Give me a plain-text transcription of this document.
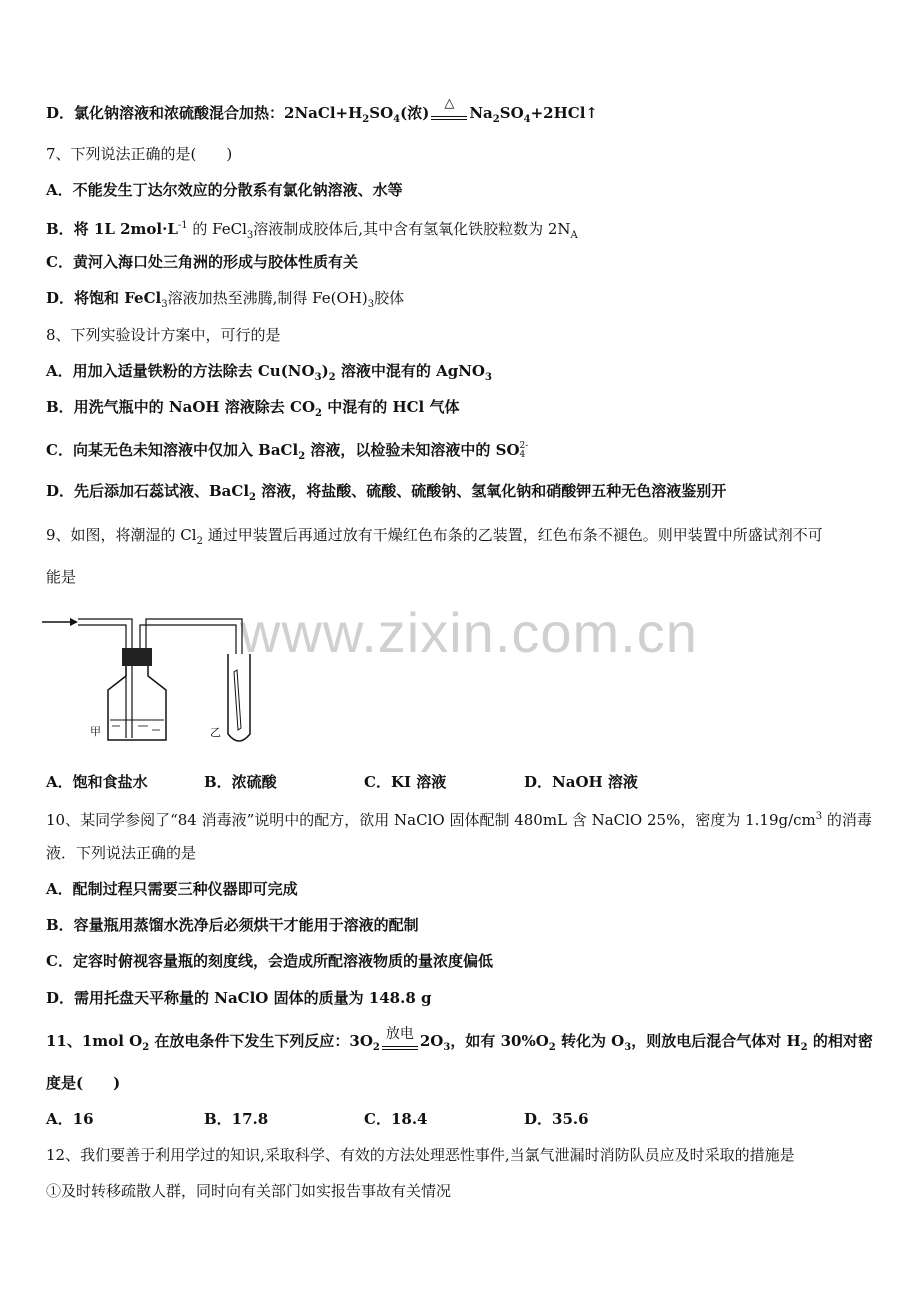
D．氯化钠溶液和浓硫酸混合加热：$2NaCl+H_2SO_4$(浓)
△
$Na_2SO_4+2HCl↑$
7、下列说法正确的是(　　)
A．不能发生丁达尔效应的分散系有氯化钠溶液、水等
B．将 1L $2mol\cdot L^{-1}$ 的 FeCl$_3$溶液制成胶体后,其中含有氢氧化铁胶粒数为 $2N_A$
C．黄河入海口处三角洲的形成与胶体性质有关
D．将饱和 FeCl$_3$溶液加热至沸腾,制得 $Fe(OH)_3$胶体
8、下列实验设计方案中，可行的是
A．用加入适量铁粉的方法除去 $Cu(NO_3)_2$ 溶液中混有的 AgNO$_3$
B．用洗气瓶中的 NaOH 溶液除去 $CO_2$ 中混有的 HCl 气体
C．向某无色未知溶液中仅加入 BaCl$_2$ 溶液，以检验未知溶液中的 SO 2-
4
D．先后添加石蕊试液、BaCl$_2$ 溶液，将盐酸、硫酸、硫酸钠、氢氧化钠和硝酸钾五种无色溶液鉴别开
9、如图，将潮湿的 $Cl_2$ 通过甲装置后再通过放有干燥红色布条的乙装置，红色布条不褪色。则甲装置中所盛试剂不可
能是
www.zixin.com.cn
甲	乙
A．饱和食盐水	B．浓硫酸	C．KI 溶液	D．NaOH 溶液
10、某同学参阅了“84 消毒液”说明中的配方，欲用 NaClO 固体配制 480mL 含 NaClO 25%，密度为 $1.19g/cm^3$ 的消毒
液．下列说法正确的是
A．配制过程只需要三种仪器即可完成
B．容量瓶用蒸馏水洗净后必须烘干才能用于溶液的配制
C．定容时俯视容量瓶的刻度线，会造成所配溶液物质的量浓度偏低
D．需用托盘天平称量的 NaClO 固体的质量为 148.8 g
11、1mol $O_2$ 在放电条件下发生下列反应：$3O_2$
放电 $2O_3$，如有 $30\%O_2$ 转化为 $O_3$，则放电后混合气体对 $H_2$ 的相对密
度是(　　)
A．16	B．17.8	C．18.4	D．35.6
12、我们要善于利用学过的知识,采取科学、有效的方法处理恶性事件,当氯气泄漏时消防队员应及时采取的措施是
①及时转移疏散人群，同时向有关部门如实报告事故有关情况
